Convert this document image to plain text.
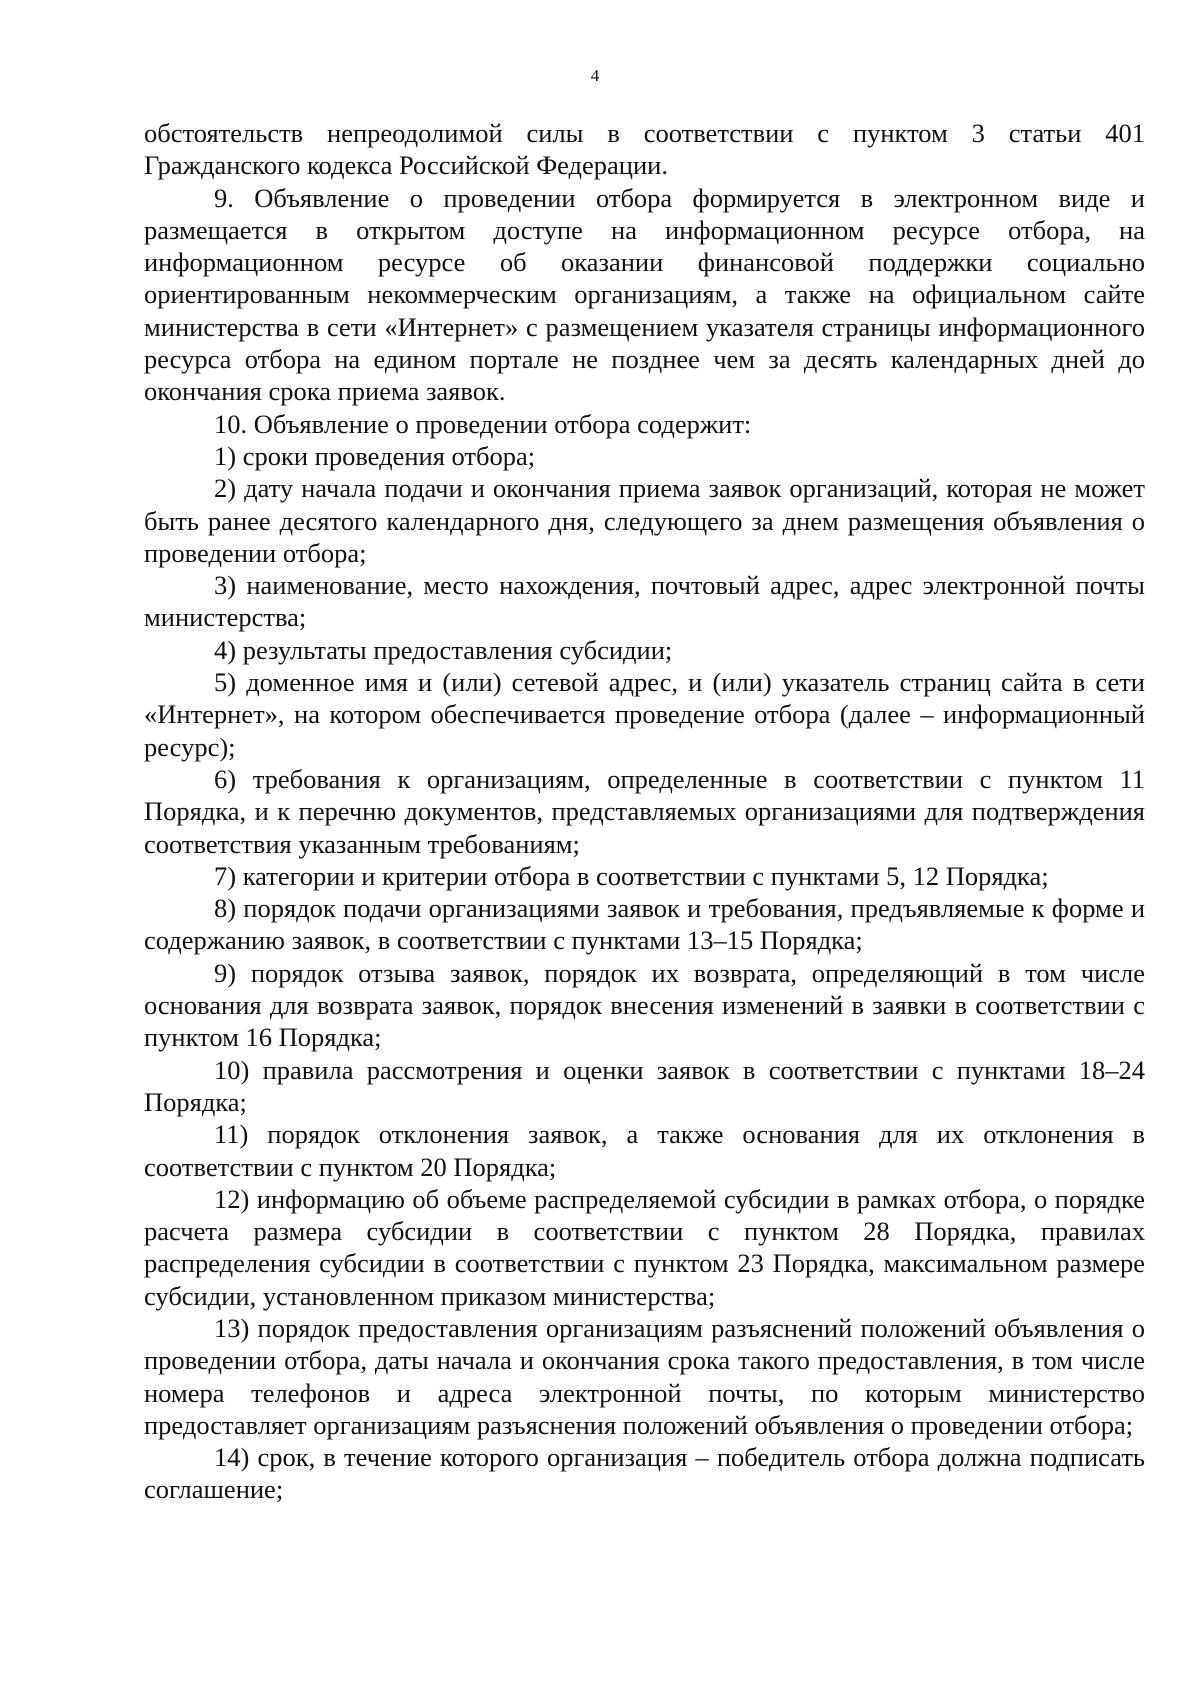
4

обстоятельств непреодолимой силы в соответствии с пунктом 3 статьи 401 Гражданского кодекса Российской Федерации.

9. Объявление о проведении отбора формируется в электронном виде и размещается в открытом доступе на информационном ресурсе отбора, на информационном ресурсе об оказании финансовой поддержки социально ориентированным некоммерческим организациям, а также на официальном сайте министерства в сети «Интернет» с размещением указателя страницы информационного ресурса отбора на едином портале не позднее чем за десять календарных дней до окончания срока приема заявок.

10. Объявление о проведении отбора содержит:

1) сроки проведения отбора;

2) дату начала подачи и окончания приема заявок организаций, которая не может быть ранее десятого календарного дня, следующего за днем размещения объявления о проведении отбора;

3) наименование, место нахождения, почтовый адрес, адрес электронной почты министерства;

4) результаты предоставления субсидии;

5) доменное имя и (или) сетевой адрес, и (или) указатель страниц сайта в сети «Интернет», на котором обеспечивается проведение отбора (далее – информационный ресурс);

6) требования к организациям, определенные в соответствии с пунктом 11 Порядка, и к перечню документов, представляемых организациями для подтверждения соответствия указанным требованиям;

7) категории и критерии отбора в соответствии с пунктами 5, 12 Порядка;

8) порядок подачи организациями заявок и требования, предъявляемые к форме и содержанию заявок, в соответствии с пунктами 13–15 Порядка;

9) порядок отзыва заявок, порядок их возврата, определяющий в том числе основания для возврата заявок, порядок внесения изменений в заявки в соответствии с пунктом 16 Порядка;

10) правила рассмотрения и оценки заявок в соответствии с пунктами 18–24 Порядка;

11) порядок отклонения заявок, а также основания для их отклонения в соответствии с пунктом 20 Порядка;

12) информацию об объеме распределяемой субсидии в рамках отбора, о порядке расчета размера субсидии в соответствии с пунктом 28 Порядка, правилах распределения субсидии в соответствии с пунктом 23 Порядка, максимальном размере субсидии, установленном приказом министерства;

13) порядок предоставления организациям разъяснений положений объявления о проведении отбора, даты начала и окончания срока такого предоставления, в том числе номера телефонов и адреса электронной почты, по которым министерство предоставляет организациям разъяснения положений объявления о проведении отбора;

14) срок, в течение которого организация – победитель отбора должна подписать соглашение;
